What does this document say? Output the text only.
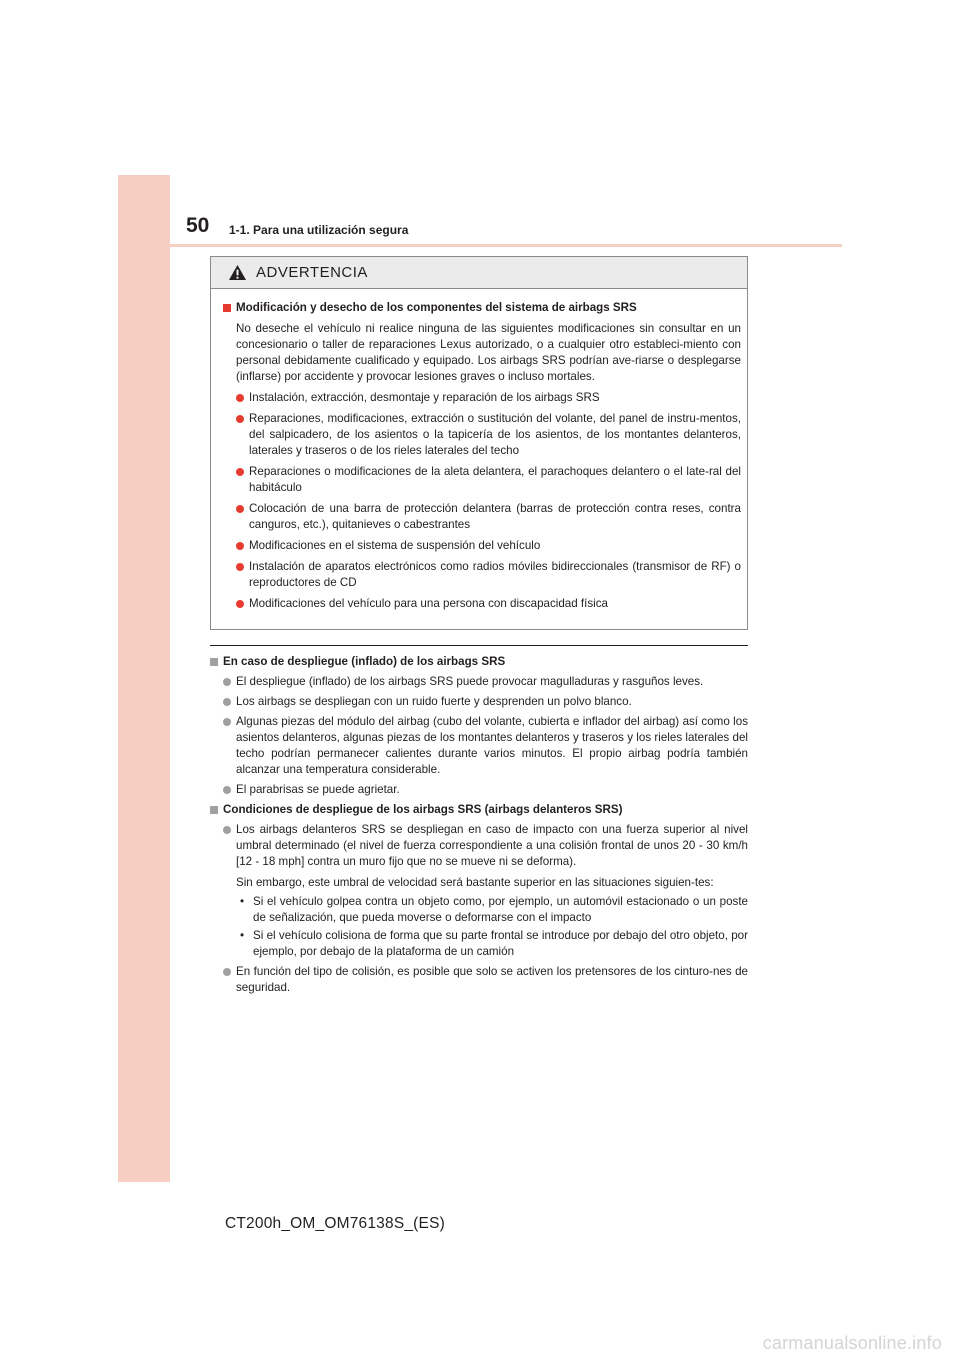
50 1-1. Para una utilización segura
ADVERTENCIA
Modificación y desecho de los componentes del sistema de airbags SRS
No deseche el vehículo ni realice ninguna de las siguientes modificaciones sin consultar en un concesionario o taller de reparaciones Lexus autorizado, o a cualquier otro estableci-miento con personal debidamente cualificado y equipado. Los airbags SRS podrían ave-riarse o desplegarse (inflarse) por accidente y provocar lesiones graves o incluso mortales.
Instalación, extracción, desmontaje y reparación de los airbags SRS
Reparaciones, modificaciones, extracción o sustitución del volante, del panel de instru-mentos, del salpicadero, de los asientos o la tapicería de los asientos, de los montantes delanteros, laterales y traseros o de los rieles laterales del techo
Reparaciones o modificaciones de la aleta delantera, el parachoques delantero o el late-ral del habitáculo
Colocación de una barra de protección delantera (barras de protección contra reses, contra canguros, etc.), quitanieves o cabestrantes
Modificaciones en el sistema de suspensión del vehículo
Instalación de aparatos electrónicos como radios móviles bidireccionales (transmisor de RF) o reproductores de CD
Modificaciones del vehículo para una persona con discapacidad física
En caso de despliegue (inflado) de los airbags SRS
El despliegue (inflado) de los airbags SRS puede provocar magulladuras y rasguños leves.
Los airbags se despliegan con un ruido fuerte y desprenden un polvo blanco.
Algunas piezas del módulo del airbag (cubo del volante, cubierta e inflador del airbag) así como los asientos delanteros, algunas piezas de los montantes delanteros y traseros y los rieles laterales del techo podrían permanecer calientes durante varios minutos. El propio airbag podría también alcanzar una temperatura considerable.
El parabrisas se puede agrietar.
Condiciones de despliegue de los airbags SRS (airbags delanteros SRS)
Los airbags delanteros SRS se despliegan en caso de impacto con una fuerza superior al nivel umbral determinado (el nivel de fuerza correspondiente a una colisión frontal de unos 20 - 30 km/h [12 - 18 mph] contra un muro fijo que no se mueve ni se deforma).
Sin embargo, este umbral de velocidad será bastante superior en las situaciones siguien-tes:
• Si el vehículo golpea contra un objeto como, por ejemplo, un automóvil estacionado o un poste de señalización, que pueda moverse o deformarse con el impacto
• Si el vehículo colisiona de forma que su parte frontal se introduce por debajo del otro objeto, por ejemplo, por debajo de la plataforma de un camión
En función del tipo de colisión, es posible que solo se activen los pretensores de los cinturo-nes de seguridad.
CT200h_OM_OM76138S_(ES)
carmanualsonline.info
